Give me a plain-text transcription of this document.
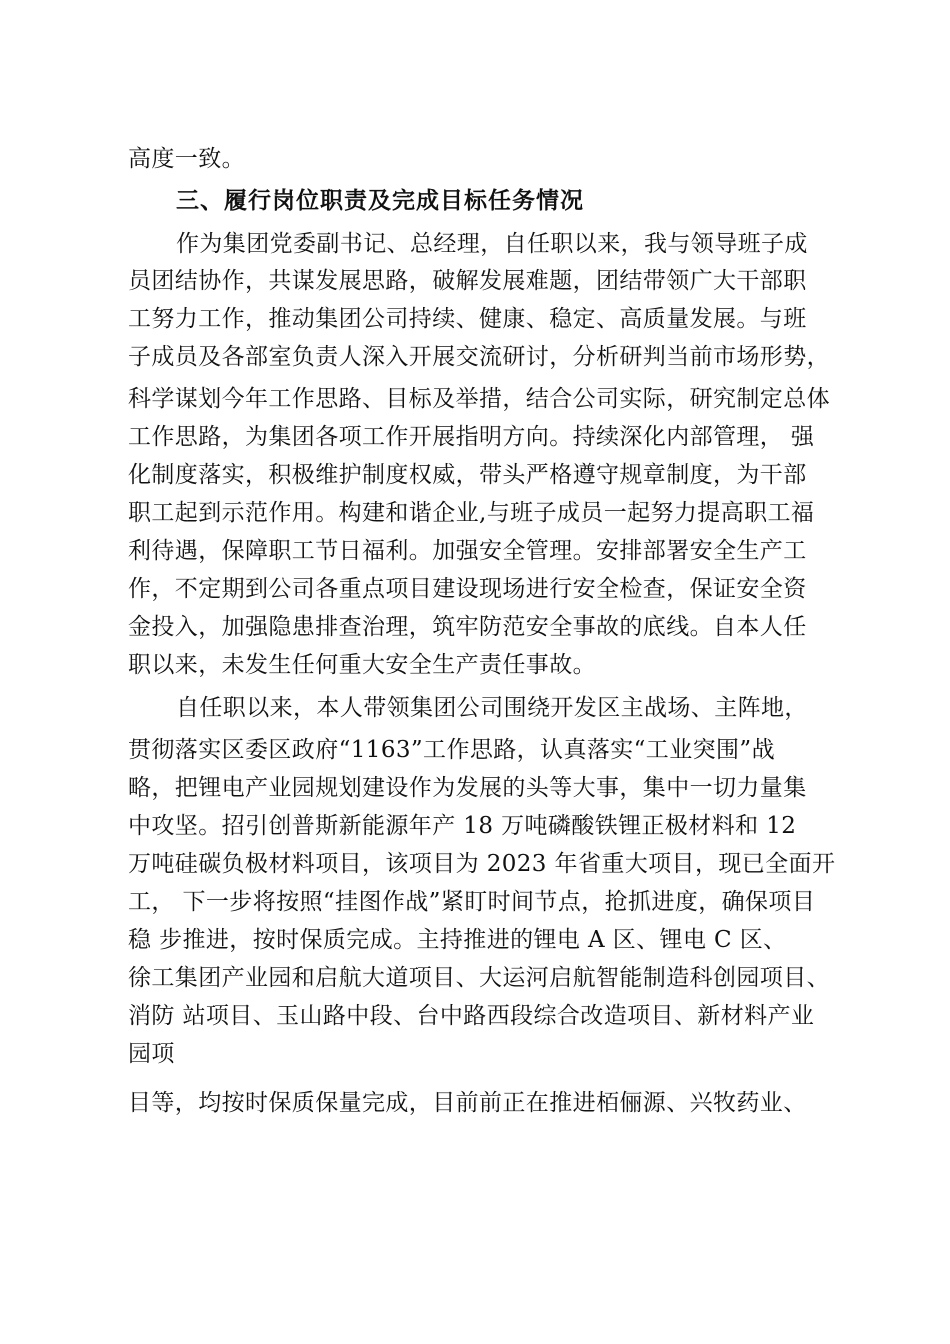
高度一致。
三、履行岗位职责及完成目标任务情况
作为集团党委副书记、总经理，自任职以来，我与领导班子成
员团结协作，共谋发展思路，破解发展难题，团结带领广大干部职
工努力工作，推动集团公司持续、健康、稳定、高质量发展。与班
子成员及各部室负责人深入开展交流研讨，分析研判当前市场形势，
科学谋划今年工作思路、目标及举措，结合公司实际，研究制定总体
工作思路，为集团各项工作开展指明方向。持续深化内部管理， 强
化制度落实，积极维护制度权威，带头严格遵守规章制度，为干部
职工起到示范作用。构建和谐企业,与班子成员一起努力提高职工福
利待遇，保障职工节日福利。加强安全管理。安排部署安全生产工
作，不定期到公司各重点项目建设现场进行安全检查，保证安全资
金投入，加强隐患排查治理，筑牢防范安全事故的底线。自本人任
职以来，未发生任何重大安全生产责任事故。
自任职以来，本人带领集团公司围绕开发区主战场、主阵地，
贯彻落实区委区政府“1163”工作思路，认真落实“工业突围”战
略，把锂电产业园规划建设作为发展的头等大事，集中一切力量集
中攻坚。招引创普斯新能源年产 18 万吨磷酸铁锂正极材料和 12
万吨硅碳负极材料项目，该项目为 2023 年省重大项目，现已全面开
工， 下一步将按照“挂图作战”紧盯时间节点，抢抓进度，确保项目
稳 步推进，按时保质完成。主持推进的锂电 A 区、锂电 C 区、
徐工集团产业园和启航大道项目、大运河启航智能制造科创园项目、
消防 站项目、玉山路中段、台中路西段综合改造项目、新材料产业
园项
目等，均按时保质保量完成，目前前正在推进栢俪源、兴牧药业、
